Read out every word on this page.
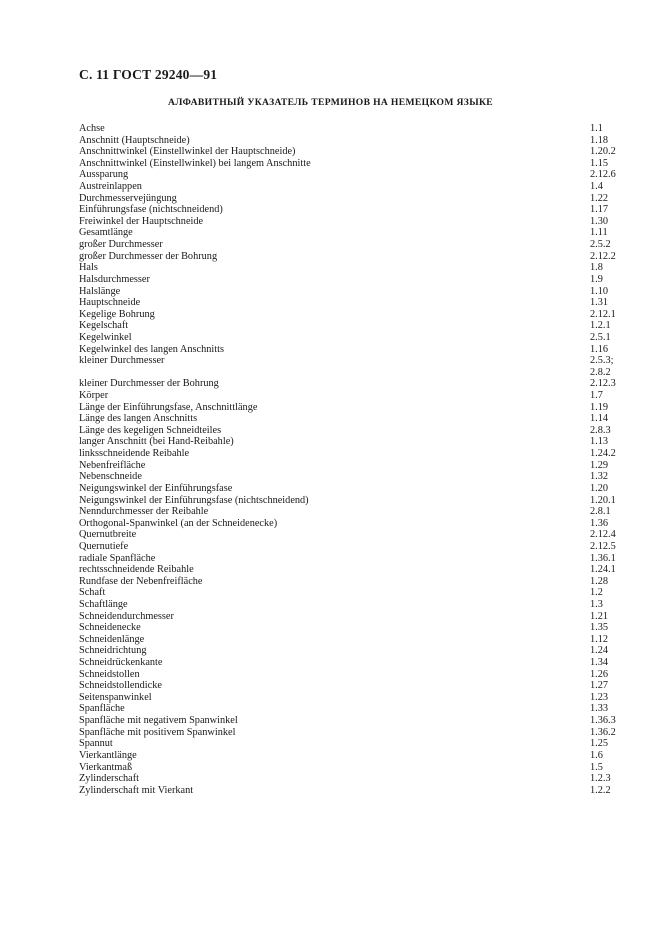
С. 11 ГОСТ 29240—91
АЛФАВИТНЫЙ УКАЗАТЕЛЬ ТЕРМИНОВ НА НЕМЕЦКОМ ЯЗЫКЕ
Achse	1.1
Anschnitt (Hauptschneide)	1.18
Anschnittwinkel (Einstellwinkel der Hauptschneide)	1.20.2
Anschnittwinkel (Einstellwinkel) bei langem Anschnitte	1.15
Aussparung	2.12.6
Austreinlappen	1.4
Durchmesservejüngung	1.22
Einführungsfase (nichtschneidend)	1.17
Freiwinkel der Hauptschneide	1.30
Gesamtlänge	1.11
großer Durchmesser	2.5.2
großer Durchmesser der Bohrung	2.12.2
Hals	1.8
Halsdurchmesser	1.9
Halslänge	1.10
Hauptschneide	1.31
Kegelige Bohrung	2.12.1
Kegelschaft	1.2.1
Kegelwinkel	2.5.1
Kegelwinkel des langen Anschnitts	1.16
kleiner Durchmesser	2.5.3;
2.8.2
kleiner Durchmesser der Bohrung	2.12.3
Körper	1.7
Länge der Einführungsfase, Anschnittlänge	1.19
Länge des langen Anschnitts	1.14
Länge des kegeligen Schneidteiles	2.8.3
langer Anschnitt (bei Hand-Reibahle)	1.13
linksschneidende Reibahle	1.24.2
Nebenfreifläche	1.29
Nebenschneide	1.32
Neigungswinkel der Einführungsfase	1.20
Neigungswinkel der Einführungsfase (nichtschneidend)	1.20.1
Nenndurchmesser der Reibahle	2.8.1
Orthogonal-Spanwinkel (an der Schneidenecke)	1.36
Quernutbreite	2.12.4
Quernutiefe	2.12.5
radiale Spanfläche	1.36.1
rechtsschneidende Reibahle	1.24.1
Rundfase der Nebenfreifläche	1.28
Schaft	1.2
Schaftlänge	1.3
Schneidendurchmesser	1.21
Schneidenecke	1.35
Schneidenlänge	1.12
Schneidrichtung	1.24
Schneidrückenkante	1.34
Schneidstollen	1.26
Schneidstollendicke	1.27
Seitenspanwinkel	1.23
Spanfläche	1.33
Spanfläche mit negativem Spanwinkel	1.36.3
Spanfläche mit positivem Spanwinkel	1.36.2
Spannut	1.25
Vierkantlänge	1.6
Vierkantmaß	1.5
Zylinderschaft	1.2.3
Zylinderschaft mit Vierkant	1.2.2
